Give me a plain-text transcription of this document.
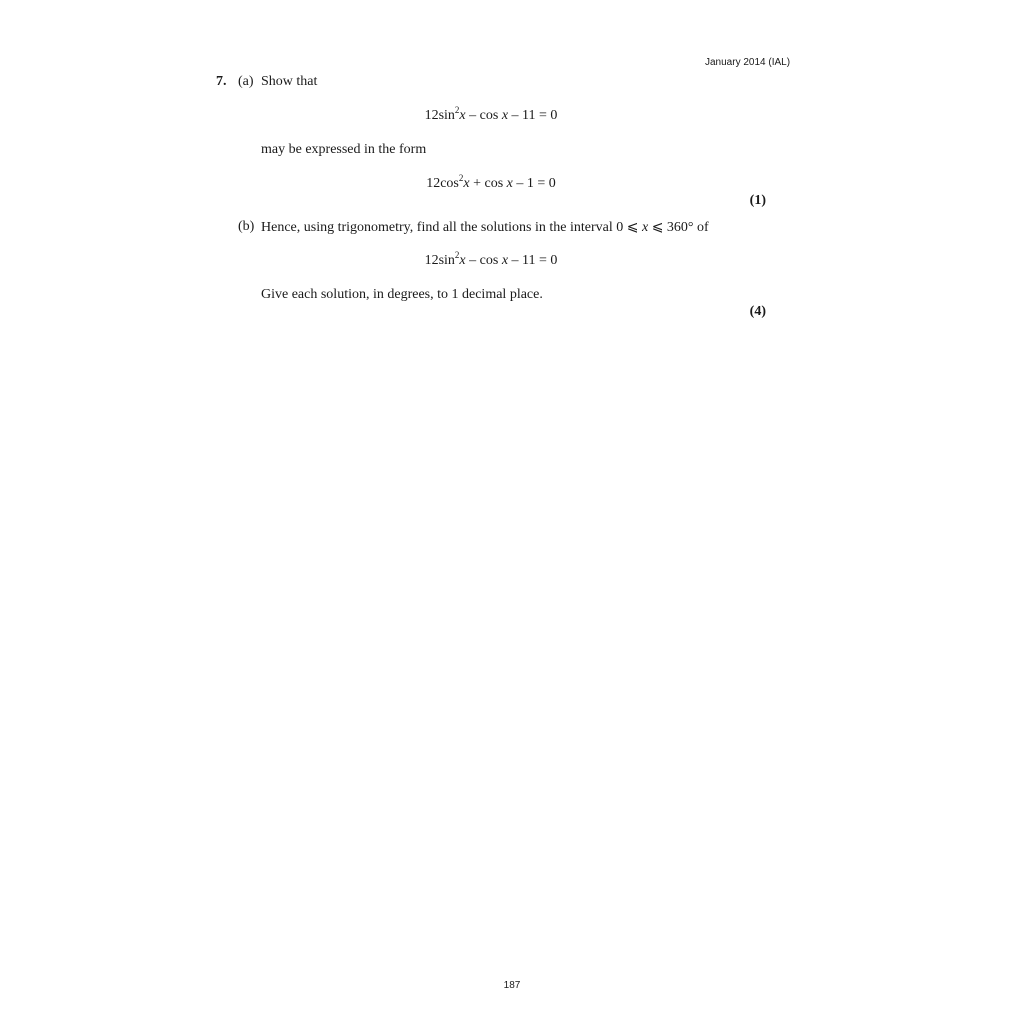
January 2014 (IAL)
7. (a) Show that
$12\sin^2x - \cos x - 11 = 0$
may be expressed in the form
$12\cos^2x + \cos x - 1 = 0$
(1)
(b) Hence, using trigonometry, find all the solutions in the interval 0 ⩽ x ⩽ 360° of
$12\sin^2x - \cos x - 11 = 0$
Give each solution, in degrees, to 1 decimal place.
(4)
187
